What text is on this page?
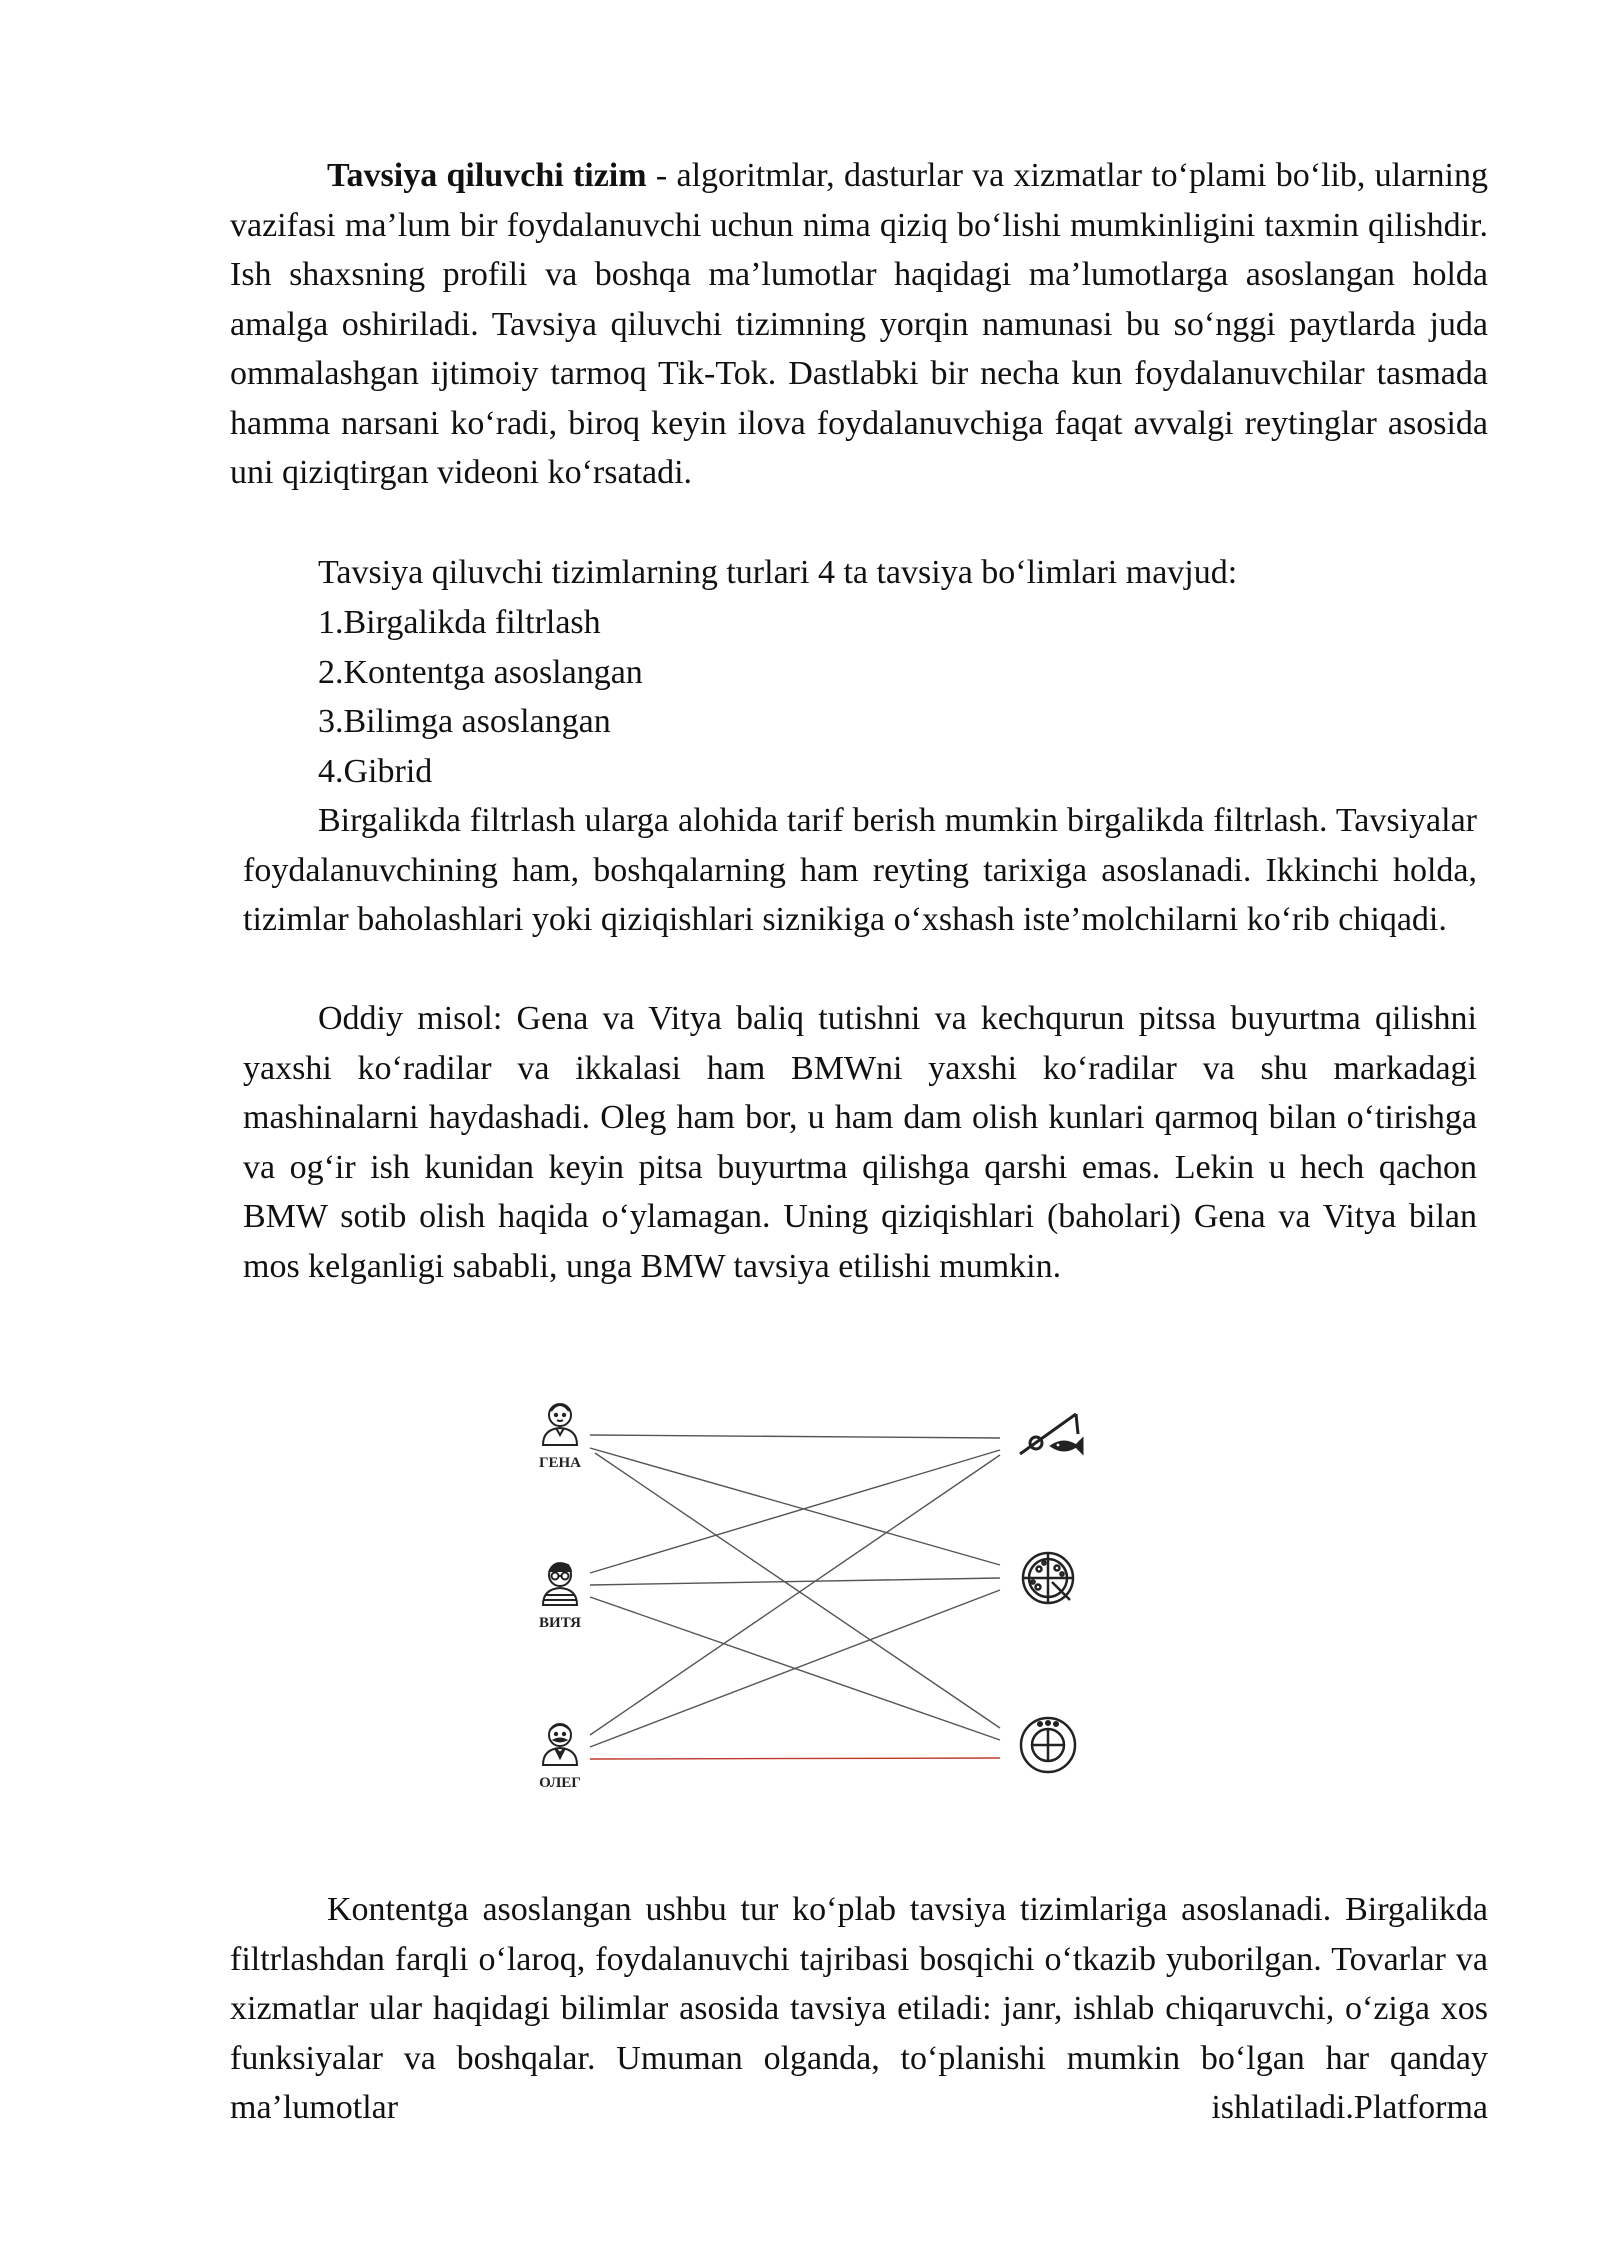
Tavsiya qiluvchi tizim - algoritmlar, dasturlar va xizmatlar to‘plami bo‘lib, ularning vazifasi ma’lum bir foydalanuvchi uchun nima qiziq bo‘lishi mumkinligini taxmin qilishdir. Ish shaxsning profili va boshqa ma’lumotlar haqidagi ma’lumotlarga asoslangan holda amalga oshiriladi. Tavsiya qiluvchi tizimning yorqin namunasi bu so‘nggi paytlarda juda ommalashgan ijtimoiy tarmoq Tik-Tok. Dastlabki bir necha kun foydalanuvchilar tasmada hamma narsani ko‘radi, biroq keyin ilova foydalanuvchiga faqat avvalgi reytinglar asosida uni qiziqtirgan videoni ko‘rsatadi.

Tavsiya qiluvchi tizimlarning turlari 4 ta tavsiya bo‘limlari mavjud:

1.Birgalikda filtrlash

2.Kontentga asoslangan

3.Bilimga asoslangan

4.Gibrid

Birgalikda filtrlash ularga alohida tarif berish mumkin birgalikda filtrlash. Tavsiyalar foydalanuvchining ham, boshqalarning ham reyting tarixiga asoslanadi. Ikkinchi holda, tizimlar baholashlari yoki qiziqishlari siznikiga o‘xshash iste’molchilarni ko‘rib chiqadi.

Oddiy misol: Gena va Vitya baliq tutishni va kechqurun pitssa buyurtma qilishni yaxshi ko‘radilar va ikkalasi ham BMWni yaxshi ko‘radilar va shu markadagi mashinalarni haydashadi. Oleg ham bor, u ham dam olish kunlari qarmoq bilan o‘tirishga va og‘ir ish kunidan keyin pitsa buyurtma qilishga qarshi emas. Lekin u hech qachon BMW sotib olish haqida o‘ylamagan. Uning qiziqishlari (baholari) Gena va Vitya bilan mos kelganligi sababli, unga BMW tavsiya etilishi mumkin.

ГЕНА
ВИТЯ
ОЛЕГ

Kontentga asoslangan ushbu tur ko‘plab tavsiya tizimlariga asoslanadi. Birgalikda filtrlashdan farqli o‘laroq, foydalanuvchi tajribasi bosqichi o‘tkazib yuborilgan. Tovarlar va xizmatlar ular haqidagi bilimlar asosida tavsiya etiladi: janr, ishlab chiqaruvchi, o‘ziga xos funksiyalar va boshqalar. Umuman olganda, to‘planishi mumkin bo‘lgan har qanday ma’lumotlar ishlatiladi.Platforma
